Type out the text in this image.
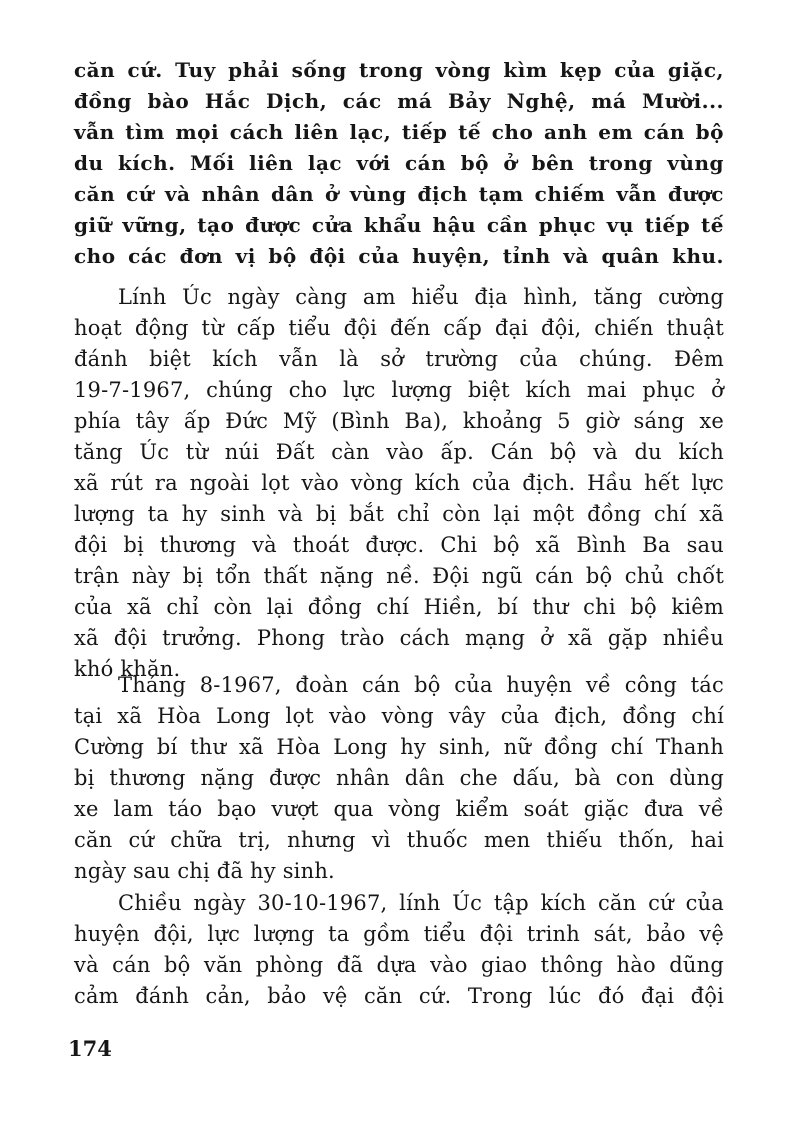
căn cứ. Tuy phải sống trong vòng kìm kẹp của giặc,
đồng bào Hắc Dịch, các má Bảy Nghệ, má Mười...
vẫn tìm mọi cách liên lạc, tiếp tế cho anh em cán bộ
du kích. Mối liên lạc với cán bộ ở bên trong vùng
căn cứ và nhân dân ở vùng địch tạm chiếm vẫn được
giữ vững, tạo được cửa khẩu hậu cần phục vụ tiếp tế
cho các đơn vị bộ đội của huyện, tỉnh và quân khu.
Lính Úc ngày càng am hiểu địa hình, tăng cường
hoạt động từ cấp tiểu đội đến cấp đại đội, chiến thuật
đánh biệt kích vẫn là sở trường của chúng. Đêm
19-7-1967, chúng cho lực lượng biệt kích mai phục ở
phía tây ấp Đức Mỹ (Bình Ba), khoảng 5 giờ sáng xe
tăng Úc từ núi Đất càn vào ấp. Cán bộ và du kích
xã rút ra ngoài lọt vào vòng kích của địch. Hầu hết lực
lượng ta hy sinh và bị bắt chỉ còn lại một đồng chí xã
đội bị thương và thoát được. Chi bộ xã Bình Ba sau
trận này bị tổn thất nặng nề. Đội ngũ cán bộ chủ chốt
của xã chỉ còn lại đồng chí Hiền, bí thư chi bộ kiêm
xã đội trưởng. Phong trào cách mạng ở xã gặp nhiều
khó khăn.
Tháng 8-1967, đoàn cán bộ của huyện về công tác
tại xã Hòa Long lọt vào vòng vây của địch, đồng chí
Cường bí thư xã Hòa Long hy sinh, nữ đồng chí Thanh
bị thương nặng được nhân dân che dấu, bà con dùng
xe lam táo bạo vượt qua vòng kiểm soát giặc đưa về
căn cứ chữa trị, nhưng vì thuốc men thiếu thốn, hai
ngày sau chị đã hy sinh.
Chiều ngày 30-10-1967, lính Úc tập kích căn cứ của
huyện đội, lực lượng ta gồm tiểu đội trinh sát, bảo vệ
và cán bộ văn phòng đã dựa vào giao thông hào dũng
cảm đánh cản, bảo vệ căn cứ. Trong lúc đó đại đội
174
